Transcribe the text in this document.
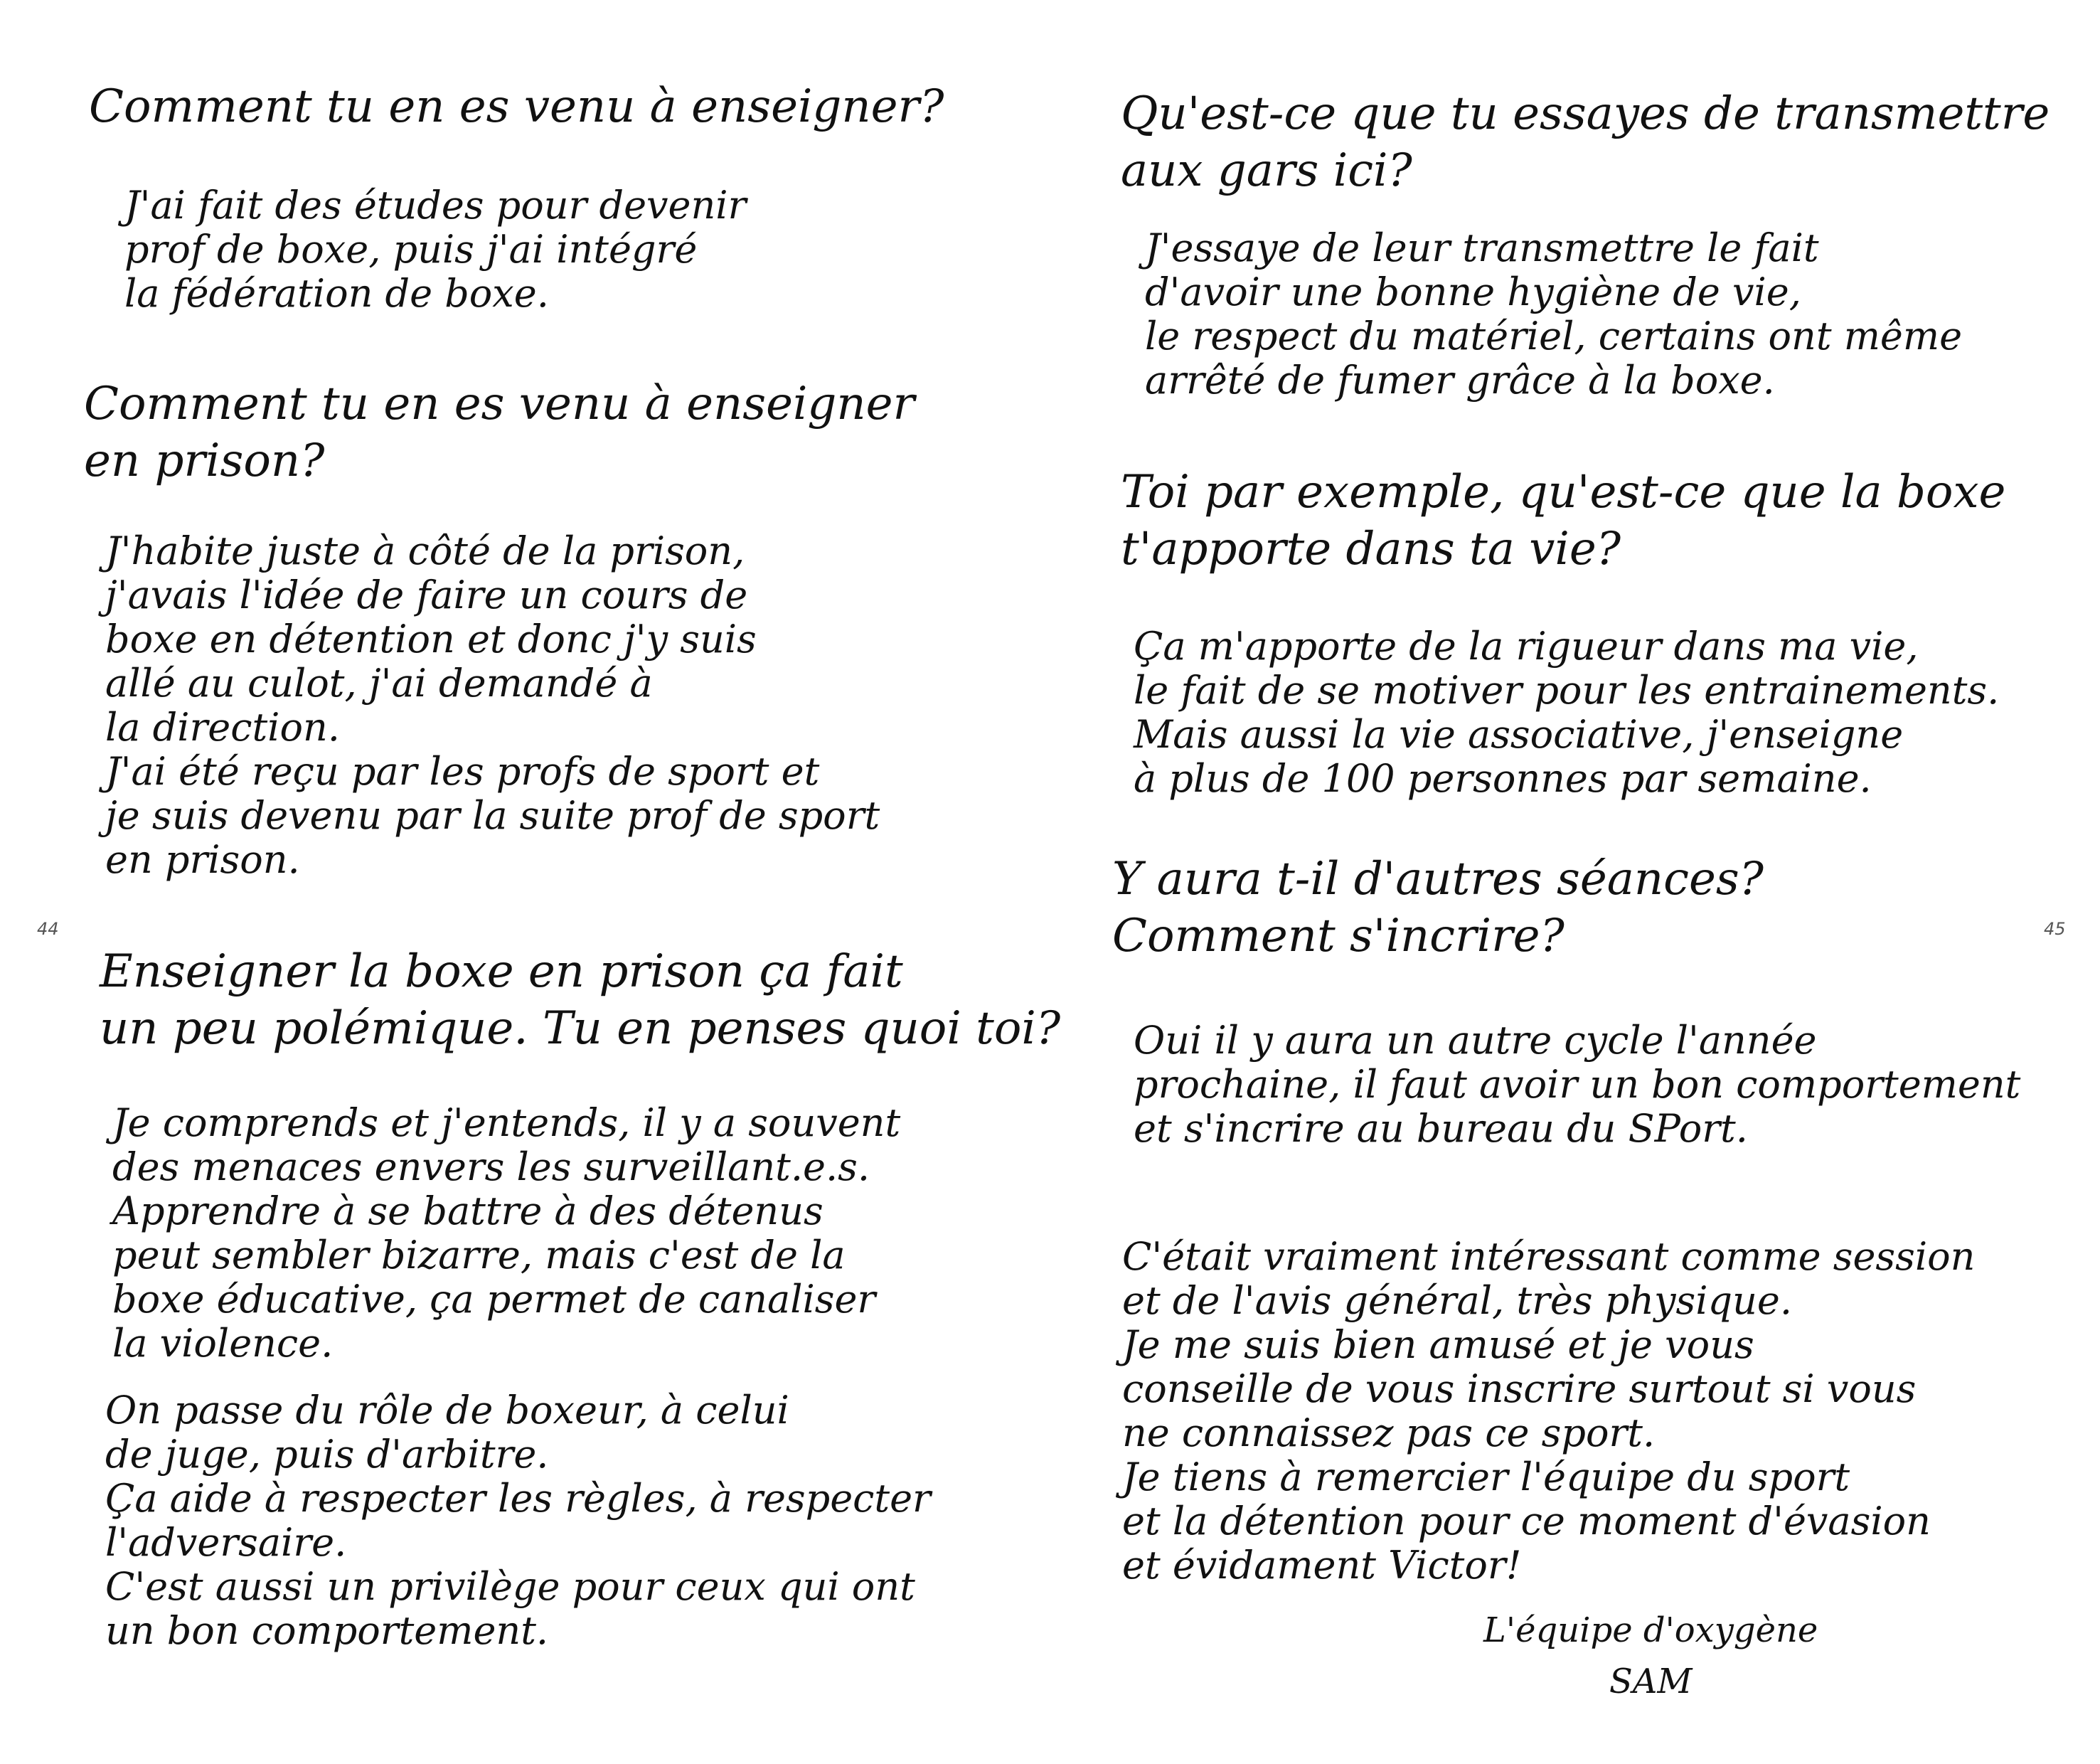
44
Comment tu en es venu à enseigner?
J'ai fait des études pour devenir
prof de boxe, puis j'ai intégré
la fédération de boxe.
Comment tu en es venu à enseigner
en prison?
J'habite juste à côté de la prison,
j'avais l'idée de faire un cours de
boxe en détention et donc j'y suis
allé au culot, j'ai demandé à
la direction.
J'ai été reçu par les profs de sport et
je suis devenu par la suite prof de sport
en prison.
Enseigner la boxe en prison ça fait
un peu polémique. Tu en penses quoi toi?
Je comprends et j'entends, il y a souvent
des menaces envers les surveillant.e.s.
Apprendre à se battre à des détenus
peut sembler bizarre, mais c'est de la
boxe éducative, ça permet de canaliser
la violence.
On passe du rôle de boxeur, à celui
de juge, puis d'arbitre.
Ça aide à respecter les règles, à respecter
l'adversaire.
C'est aussi un privilège pour ceux qui ont
un bon comportement.
45
Qu'est-ce que tu essayes de transmettre
aux gars ici?
J'essaye de leur transmettre le fait
d'avoir une bonne hygiène de vie,
le respect du matériel, certains ont même
arrêté de fumer grâce à la boxe.
Toi par exemple, qu'est-ce que la boxe
t'apporte dans ta vie?
Ça m'apporte de la rigueur dans ma vie,
le fait de se motiver pour les entrainements.
Mais aussi la vie associative, j'enseigne
à plus de 100 personnes par semaine.
Y aura t-il d'autres séances?
Comment s'incrire?
Oui il y aura un autre cycle l'année
prochaine, il faut avoir un bon comportement
et s'incrire au bureau du SPort.
C'était vraiment intéressant comme session
et de l'avis général, très physique.
Je me suis bien amusé et je vous
conseille de vous inscrire surtout si vous
ne connaissez pas ce sport.
Je tiens à remercier l'équipe du sport
et la détention pour ce moment d'évasion
et évidament Victor!
L'équipe d'oxygène
SAM
